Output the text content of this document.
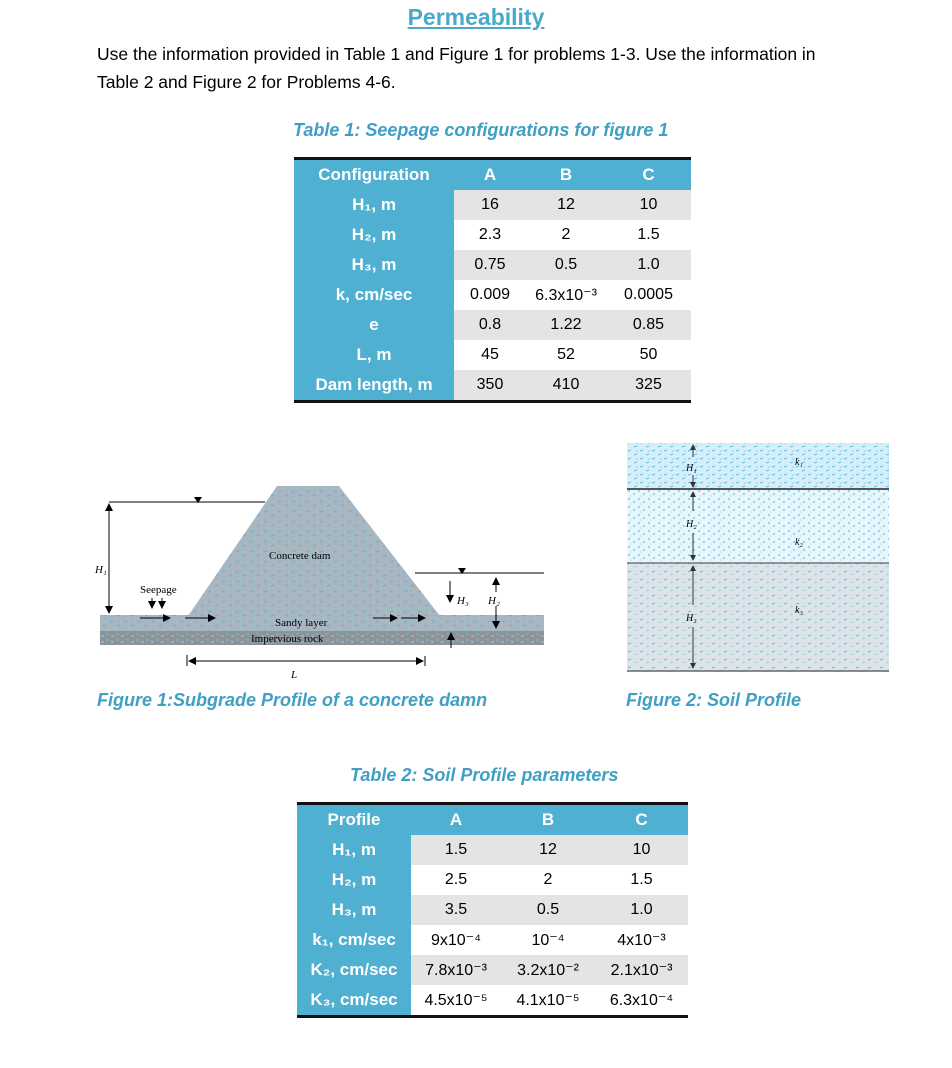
Permeability
Use the information provided in Table 1 and Figure 1 for problems 1-3. Use the information in Table 2 and Figure 2 for Problems 4-6.
Table 1: Seepage configurations for figure 1
Configuration	A	B	C
H₁, m	16	12	10
H₂, m	2.3	2	1.5
H₃, m	0.75	0.5	1.0
k, cm/sec	0.009	6.3x10⁻³	0.0005
e	0.8	1.22	0.85
L, m	45	52	50
Dam length, m	350	410	325
H₁
H₃ H₂
Concrete dam
Seepage
Sandy layer
Impervious rock
L
Figure 1:Subgrade Profile of a concrete damn
H₁
H₂
H₃
k₁
k₂
k₃
Figure 2: Soil Profile
Table 2: Soil Profile parameters
Profile	A	B	C
H₁, m	1.5	12	10
H₂, m	2.5	2	1.5
H₃, m	3.5	0.5	1.0
k₁, cm/sec	9x10⁻⁴	10⁻⁴	4x10⁻³
K₂, cm/sec	7.8x10⁻³	3.2x10⁻²	2.1x10⁻³
K₃, cm/sec	4.5x10⁻⁵	4.1x10⁻⁵	6.3x10⁻⁴
